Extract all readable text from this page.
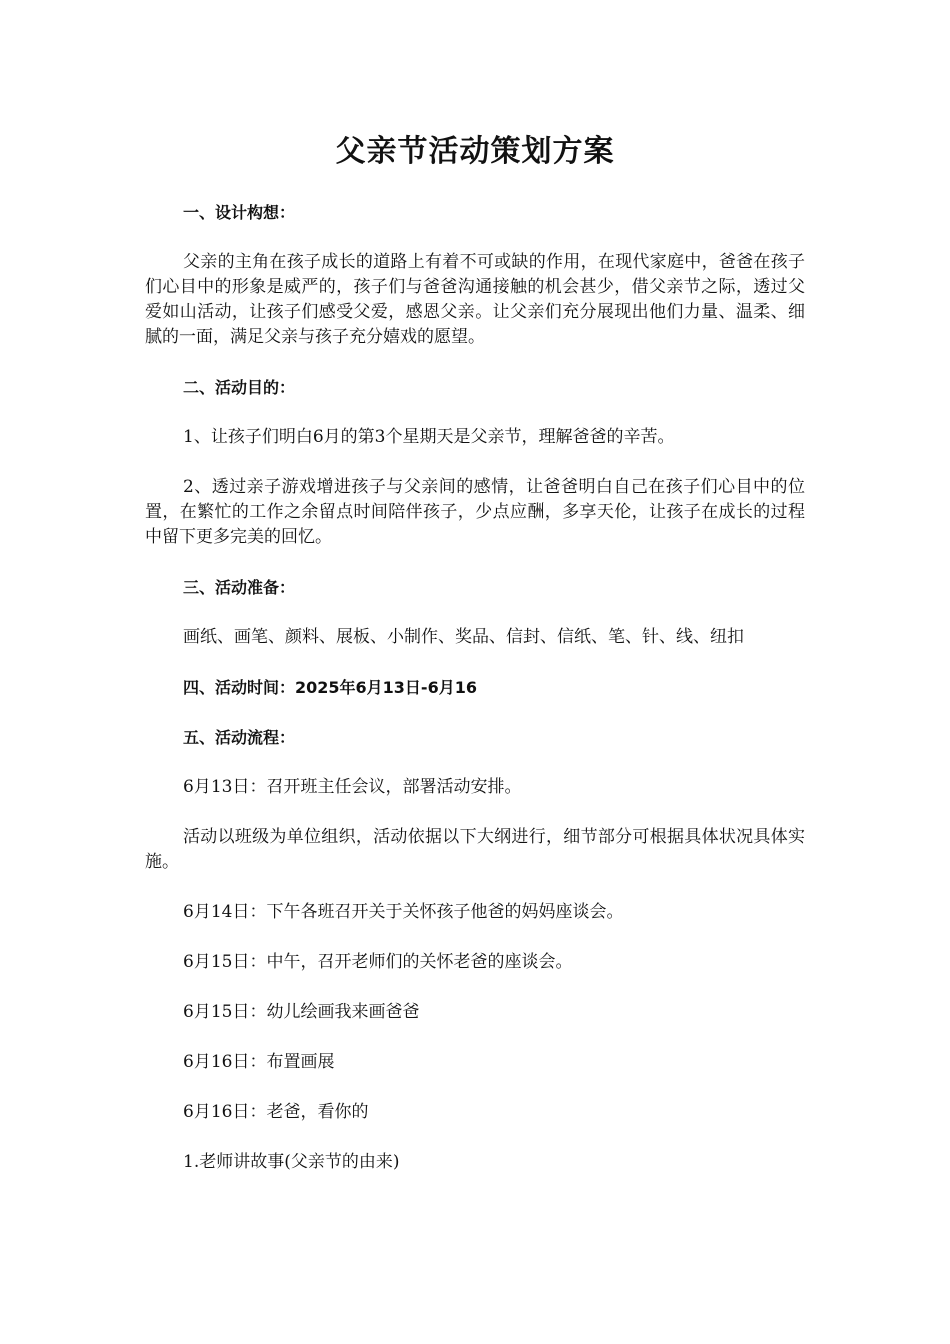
父亲节活动策划方案

一、设计构想：

父亲的主角在孩子成长的道路上有着不可或缺的作用，在现代家庭中，爸爸在孩子们心目中的形象是威严的，孩子们与爸爸沟通接触的机会甚少，借父亲节之际，透过父爱如山活动，让孩子们感受父爱，感恩父亲。让父亲们充分展现出他们力量、温柔、细腻的一面，满足父亲与孩子充分嬉戏的愿望。

二、活动目的：

1、让孩子们明白6月的第3个星期天是父亲节，理解爸爸的辛苦。

2、透过亲子游戏增进孩子与父亲间的感情，让爸爸明白自己在孩子们心目中的位置，在繁忙的工作之余留点时间陪伴孩子，少点应酬，多享天伦，让孩子在成长的过程中留下更多完美的回忆。

三、活动准备：

画纸、画笔、颜料、展板、小制作、奖品、信封、信纸、笔、针、线、纽扣

四、活动时间：2025年6月13日-6月16

五、活动流程：

6月13日：召开班主任会议，部署活动安排。

活动以班级为单位组织，活动依据以下大纲进行，细节部分可根据具体状况具体实施。

6月14日：下午各班召开关于关怀孩子他爸的妈妈座谈会。

6月15日：中午，召开老师们的关怀老爸的座谈会。

6月15日：幼儿绘画我来画爸爸

6月16日：布置画展

6月16日：老爸，看你的

1.老师讲故事(父亲节的由来)
